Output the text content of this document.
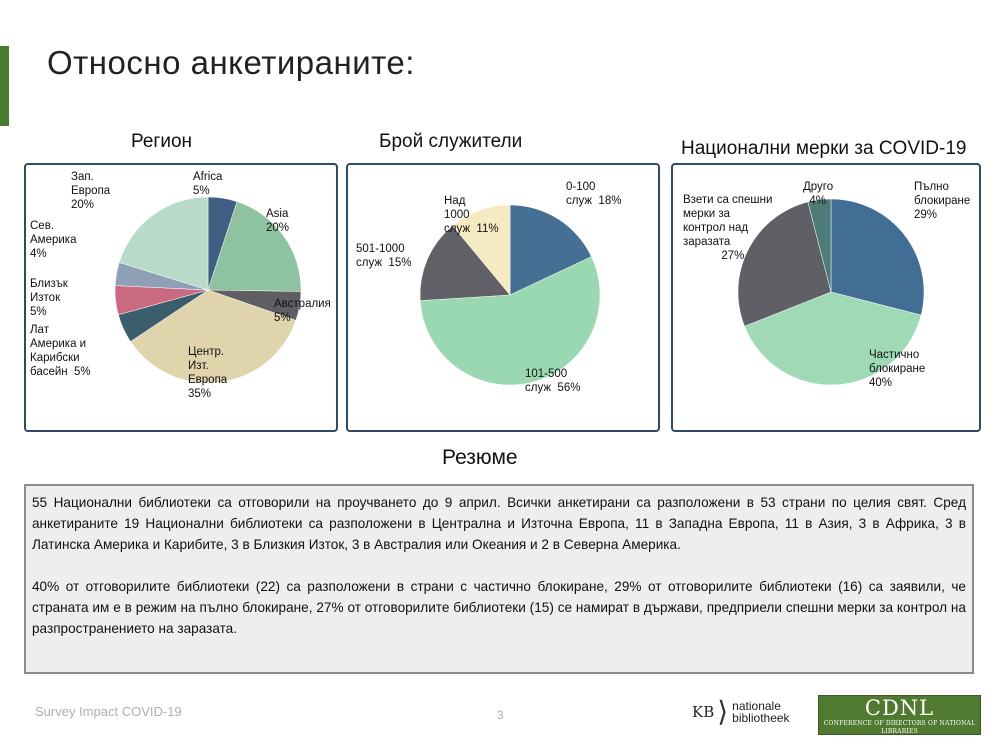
Относно анкетираните:
Регион
Africa
5%
Asia
20%
Австралия
5%
Центр.
Изт.
Европа
35%
Лат
Америка и
Карибски
басейн  5%
Близък
Изток
5%
Сев.
Америка
4%
Зап.
Европа
20%
Брой служители
0-100
служ  18%
101-500
служ  56%
501-1000
служ  15%
Над
1000
служ  11%
Национални мерки за COVID-19
Пълно
блокиране
29%
Частично
блокиране
40%
Взети са спешни
мерки за
контрол над
заразата
27%
Друго
4%
Резюме

55 Национални библиотеки са отговорили на проучването до 9 април. Всички анкетирани са разположени в 53 страни по целия свят. Сред анкетираните 19 Национални библиотеки са разположени в Централна и Източна Европа, 11 в Западна Европа, 11 в Азия, 3 в Африка, 3 в Латинска Америка и Карибите, 3 в Близкия Изток, 3 в Австралия или Океания и 2 в Северна Америка.

40% от отговорилите библиотеки (22) са разположени в страни с частично блокиране, 29% от отговорилите библиотеки (16) са заявили, че страната им е в режим на пълно блокиране, 27% от отговорилите библиотеки (15) се намират в държави, предприели спешни мерки за контрол на разпространението на заразата.

Survey Impact COVID-19	3	KB ⟩ nationale
bibliotheek	CDNL
CONFERENCE OF DIRECTORS OF NATIONAL LIBRARIES
